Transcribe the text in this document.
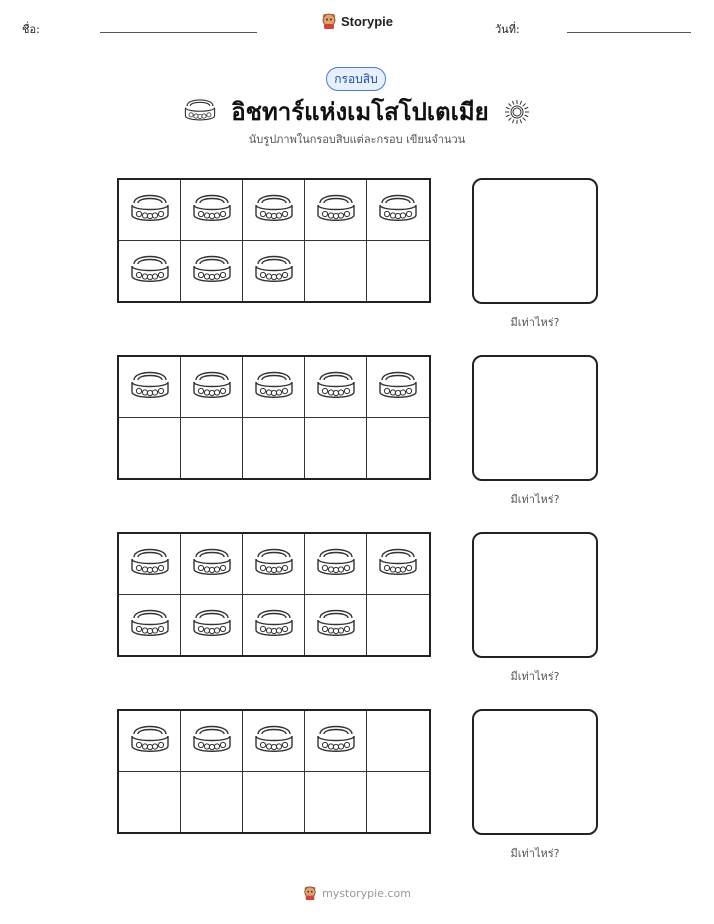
ชื่อ:
Storypie
วันที่:
กรอบสิบ
อิชทาร์แห่งเมโสโปเตเมีย
นับรูปภาพในกรอบสิบแต่ละกรอบ เขียนจำนวน
มีเท่าไหร่?
มีเท่าไหร่?
มีเท่าไหร่?
มีเท่าไหร่?
mystorypie.com
